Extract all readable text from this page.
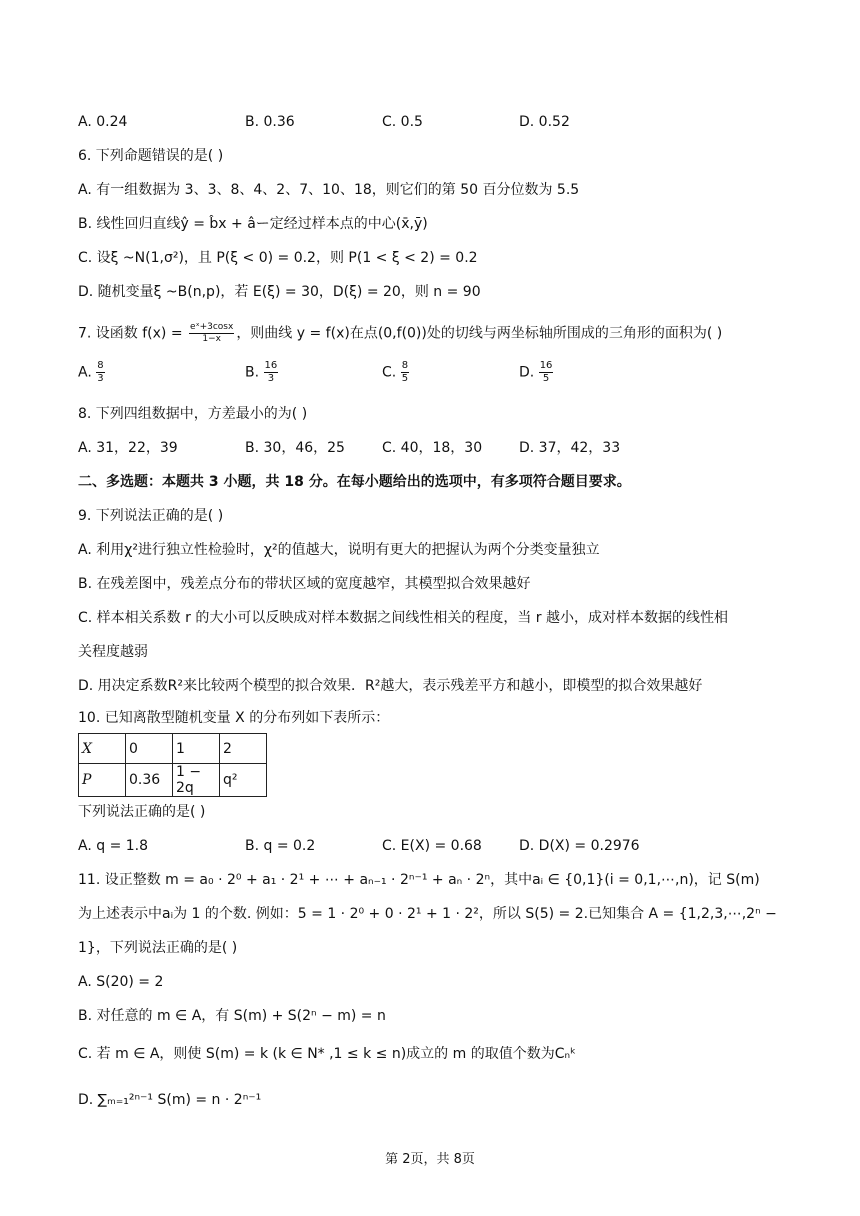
A. 0.24	B. 0.36	C. 0.5	D. 0.52
6. 下列命题错误的是( )
A. 有一组数据为 3、3、8、4、2、7、10、18，则它们的第 50 百分位数为 5.5
B. 线性回归直线ŷ = b̂x + âー定经过样本点的中心(x̄,ȳ)
C. 设ξ ~N(1,σ²)，且 P(ξ < 0) = 0.2，则 P(1 < ξ < 2) = 0.2
D. 随机变量ξ ~B(n,p)，若 E(ξ) = 30，D(ξ) = 20，则 n = 90
7. 设函数 $f(x) = \frac{\text{eˣ+3cosx}}{1-x}$ ，则曲线 y = f(x)在点(0,f(0))处的切线与两坐标轴所围成的三角形的面积为( )
A. $\frac{8}{3}$	B. $\frac{16}{3}$	C. $\frac{8}{5}$	D. $\frac{16}{5}$
8. 下列四组数据中，方差最小的为( )
A. 31，22，39	B. 30，46，25	C. 40，18，30	D. 37，42，33
二、多选题：本题共 3 小题，共 18 分。在每小题给出的选项中，有多项符合题目要求。
9. 下列说法正确的是( )
A. 利用χ²进行独立性检验时，χ²的值越大，说明有更大的把握认为两个分类变量独立
B. 在残差图中，残差点分布的带状区域的宽度越窄，其模型拟合效果越好
C. 样本相关系数 r 的大小可以反映成对样本数据之间线性相关的程度，当 r 越小，成对样本数据的线性相
关程度越弱
D. 用决定系数R²来比较两个模型的拟合效果．R²越大，表示残差平方和越小，即模型的拟合效果越好
10. 已知离散型随机变量 X 的分布列如下表所示：
X	0	1	2
P	0.36	1 − 2q	q²
下列说法正确的是( )
A. q = 1.8	B. q = 0.2	C. E(X) = 0.68	D. D(X) = 0.2976
11. 设正整数 m = a₀ · 2⁰ + a₁ · 2¹ + ⋯ + aₙ₋₁ · 2ⁿ⁻¹ + aₙ · 2ⁿ，其中aᵢ ∈ {0,1}(i = 0,1,⋯,n)，记 S(m)
为上述表示中aᵢ为 1 的个数. 例如：5 = 1 · 2⁰ + 0 · 2¹ + 1 · 2²，所以 S(5) = 2.已知集合 A = {1,2,3,⋯,2ⁿ −
1}，下列说法正确的是( )
A. S(20) = 2
B. 对任意的 m ∈ A，有 S(m) + S(2ⁿ − m) = n
C. 若 m ∈ A，则使 S(m) = k (k ∈ N* ,1 ≤ k ≤ n)成立的 m 的取值个数为Cₙᵏ
D. ∑ₘ₌₁²ⁿ⁻¹ S(m) = n · 2ⁿ⁻¹
第 2页，共 8页
